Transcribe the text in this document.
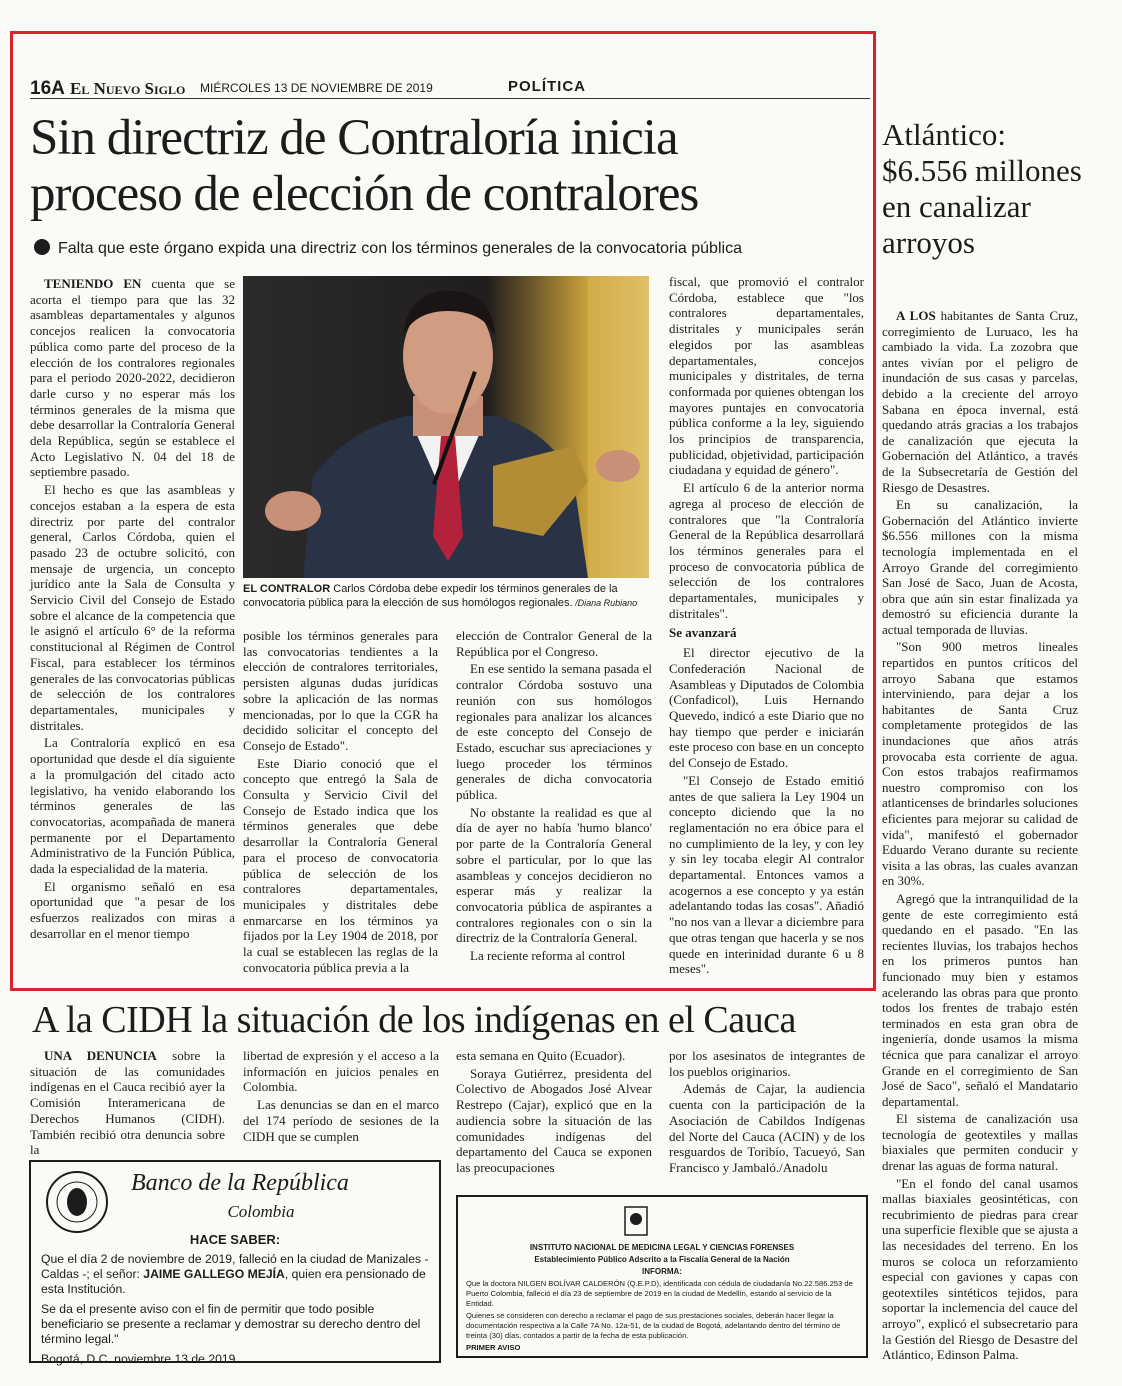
16A El Nuevo Siglo MIÉRCOLES 13 DE NOVIEMBRE DE 2019	POLÍTICA
Sin directriz de Contraloría inicia
proceso de elección de contralores
Falta que este órgano expida una directriz con los términos generales de la convocatoria pública

TENIENDO EN cuenta que se acorta el tiempo para que las 32 asambleas departamentales y algunos concejos realicen la convocatoria pública como parte del proceso de la elección de los contralores regionales para el periodo 2020-2022, decidieron darle curso y no esperar más los términos generales de la misma que debe desarrollar la Contraloría General dela República, según se establece el Acto Legislativo N. 04 del 18 de septiembre pasado.

El hecho es que las asambleas y concejos estaban a la espera de esta directriz por parte del contralor general, Carlos Córdoba, quien el pasado 23 de octubre solicitó, con mensaje de urgencia, un concepto jurídico ante la Sala de Consulta y Servicio Civil del Consejo de Estado sobre el alcance de la competencia que le asignó el artículo 6° de la reforma constitucional al Régimen de Control Fiscal, para establecer los términos generales de las convocatorias públicas de selección de los contralores departamentales, municipales y distritales.

La Contraloría explicó en esa oportunidad que desde el día siguiente a la promulgación del citado acto legislativo, ha venido elaborando los términos generales de las convocatorias, acompañada de manera permanente por el Departamento Administrativo de la Función Pública, dada la especialidad de la materia.

El organismo señaló en esa oportunidad que "a pesar de los esfuerzos realizados con miras a desarrollar en el menor tiempo

EL CONTRALOR Carlos Córdoba debe expedir los términos generales de la convocatoria pública para la elección de sus homólogos regionales. /Diana Rubiano

posible los términos generales para las convocatorias tendientes a la elección de contralores territoriales, persisten algunas dudas jurídicas sobre la aplicación de las normas mencionadas, por lo que la CGR ha decidido solicitar el concepto del Consejo de Estado".

Este Diario conoció que el concepto que entregó la Sala de Consulta y Servicio Civil del Consejo de Estado indica que los términos generales que debe desarrollar la Contraloría General para el proceso de convocatoria pública de selección de los contralores departamentales, municipales y distritales debe enmarcarse en los términos ya fijados por la Ley 1904 de 2018, por la cual se establecen las reglas de la convocatoria pública previa a la

elección de Contralor General de la República por el Congreso.

En ese sentido la semana pasada el contralor Córdoba sostuvo una reunión con sus homólogos regionales para analizar los alcances de este concepto del Consejo de Estado, escuchar sus apreciaciones y luego proceder los términos generales de dicha convocatoria pública.

No obstante la realidad es que al día de ayer no había 'humo blanco' por parte de la Contraloría General sobre el particular, por lo que las asambleas y concejos decidieron no esperar más y realizar la convocatoria pública de aspirantes a contralores regionales con o sin la directriz de la Contraloría General.

La reciente reforma al control

fiscal, que promovió el contralor Córdoba, establece que "los contralores departamentales, distritales y municipales serán elegidos por las asambleas departamentales, concejos municipales y distritales, de terna conformada por quienes obtengan los mayores puntajes en convocatoria pública conforme a la ley, siguiendo los principios de transparencia, publicidad, objetividad, participación ciudadana y equidad de género".

El artículo 6 de la anterior norma agrega al proceso de elección de contralores que "la Contraloría General de la República desarrollará los términos generales para el proceso de convocatoria pública de selección de los contralores departamentales, municipales y distritales".

Se avanzará

El director ejecutivo de la Confederación Nacional de Asambleas y Diputados de Colombia (Confadicol), Luis Hernando Quevedo, indicó a este Diario que no hay tiempo que perder e iniciarán este proceso con base en un concepto del Consejo de Estado.

"El Consejo de Estado emitió antes de que saliera la Ley 1904 un concepto diciendo que la no reglamentación no era óbice para el no cumplimiento de la ley, y con ley y sin ley tocaba elegir Al contralor departamental. Entonces vamos a acogernos a ese concepto y ya están adelantando todas las cosas". Añadió "no nos van a llevar a diciembre para que otras tengan que hacerla y se nos quede en interinidad durante 6 u 8 meses".

Atlántico: $6.556 millones en canalizar arroyos

A LOS habitantes de Santa Cruz, corregimiento de Luruaco, les ha cambiado la vida. La zozobra que antes vivían por el peligro de inundación de sus casas y parcelas, debido a la creciente del arroyo Sabana en época invernal, está quedando atrás gracias a los trabajos de canalización que ejecuta la Gobernación del Atlántico, a través de la Subsecretaría de Gestión del Riesgo de Desastres.

En su canalización, la Gobernación del Atlántico invierte $6.556 millones con la misma tecnología implementada en el Arroyo Grande del corregimiento San José de Saco, Juan de Acosta, obra que aún sin estar finalizada ya demostró su eficiencia durante la actual temporada de lluvias.

"Son 900 metros lineales repartidos en puntos críticos del arroyo Sabana que estamos interviniendo, para dejar a los habitantes de Santa Cruz completamente protegidos de las inundaciones que años atrás provocaba esta corriente de agua. Con estos trabajos reafirmamos nuestro compromiso con los atlanticenses de brindarles soluciones eficientes para mejorar su calidad de vida", manifestó el gobernador Eduardo Verano durante su reciente visita a las obras, las cuales avanzan en 30%.

Agregó que la intranquilidad de la gente de este corregimiento está quedando en el pasado. "En las recientes lluvias, los trabajos hechos en los primeros puntos han funcionado muy bien y estamos acelerando las obras para que pronto todos los frentes de trabajo estén terminados en esta gran obra de ingeniería, donde usamos la misma técnica que para canalizar el arroyo Grande en el corregimiento de San José de Saco", señaló el Mandatario departamental.

El sistema de canalización usa tecnología de geotextiles y mallas biaxiales que permiten conducir y drenar las aguas de forma natural.

"En el fondo del canal usamos mallas biaxiales geosintéticas, con recubrimiento de piedras para crear una superficie flexible que se ajusta a las necesidades del terreno. En los muros se coloca un reforzamiento especial con gaviones y capas con geotextiles sintéticos tejidos, para soportar la inclemencia del cauce del arroyo", explicó el subsecretario para la Gestión del Riesgo de Desastre del Atlántico, Edinson Palma.

A la CIDH la situación de los indígenas en el Cauca

UNA DENUNCIA sobre la situación de las comunidades indígenas en el Cauca recibió ayer la Comisión Interamericana de Derechos Humanos (CIDH). También recibió otra denuncia sobre la

libertad de expresión y el acceso a la información en juicios penales en Colombia.

Las denuncias se dan en el marco del 174 período de sesiones de la CIDH que se cumplen

esta semana en Quito (Ecuador).

Soraya Gutiérrez, presidenta del Colectivo de Abogados José Alvear Restrepo (Cajar), explicó que en la audiencia sobre la situación de las comunidades indígenas del departamento del Cauca se exponen las preocupaciones

por los asesinatos de integrantes de los pueblos originarios.

Además de Cajar, la audiencia cuenta con la participación de la Asociación de Cabildos Indígenas del Norte del Cauca (ACIN) y de los resguardos de Toribío, Tacueyó, San Francisco y Jambaló./Anadolu

Banco de la República
Colombia
HACE SABER:

Que el día 2 de noviembre de 2019, falleció en la ciudad de Manizales - Caldas -; el señor: JAIME GALLEGO MEJÍA, quien era pensionado de esta Institución.

Se da el presente aviso con el fin de permitir que todo posible beneficiario se presente a reclamar y demostrar su derecho dentro del término legal."

Bogotá, D.C. noviembre 13 de 2019

INSTITUTO NACIONAL DE MEDICINA LEGAL Y CIENCIAS FORENSES

Establecimiento Público Adscrito a la Fiscalía General de la Nación

INFORMA:

Que la doctora NILGEN BOLÍVAR CALDERÓN (Q.E.P.D), identificada con cédula de ciudadanía No.22.586.253 de Puerto Colombia, falleció el día 23 de septiembre de 2019 en la ciudad de Medellín, estando al servicio de la Entidad.

Quienes se consideren con derecho a reclamar el pago de sus prestaciones sociales, deberán hacer llegar la documentación respectiva a la Calle 7A No. 12a-51, de la ciudad de Bogotá, adelantando dentro del término de treinta (30) días, contados a partir de la fecha de esta publicación.

PRIMER AVISO
